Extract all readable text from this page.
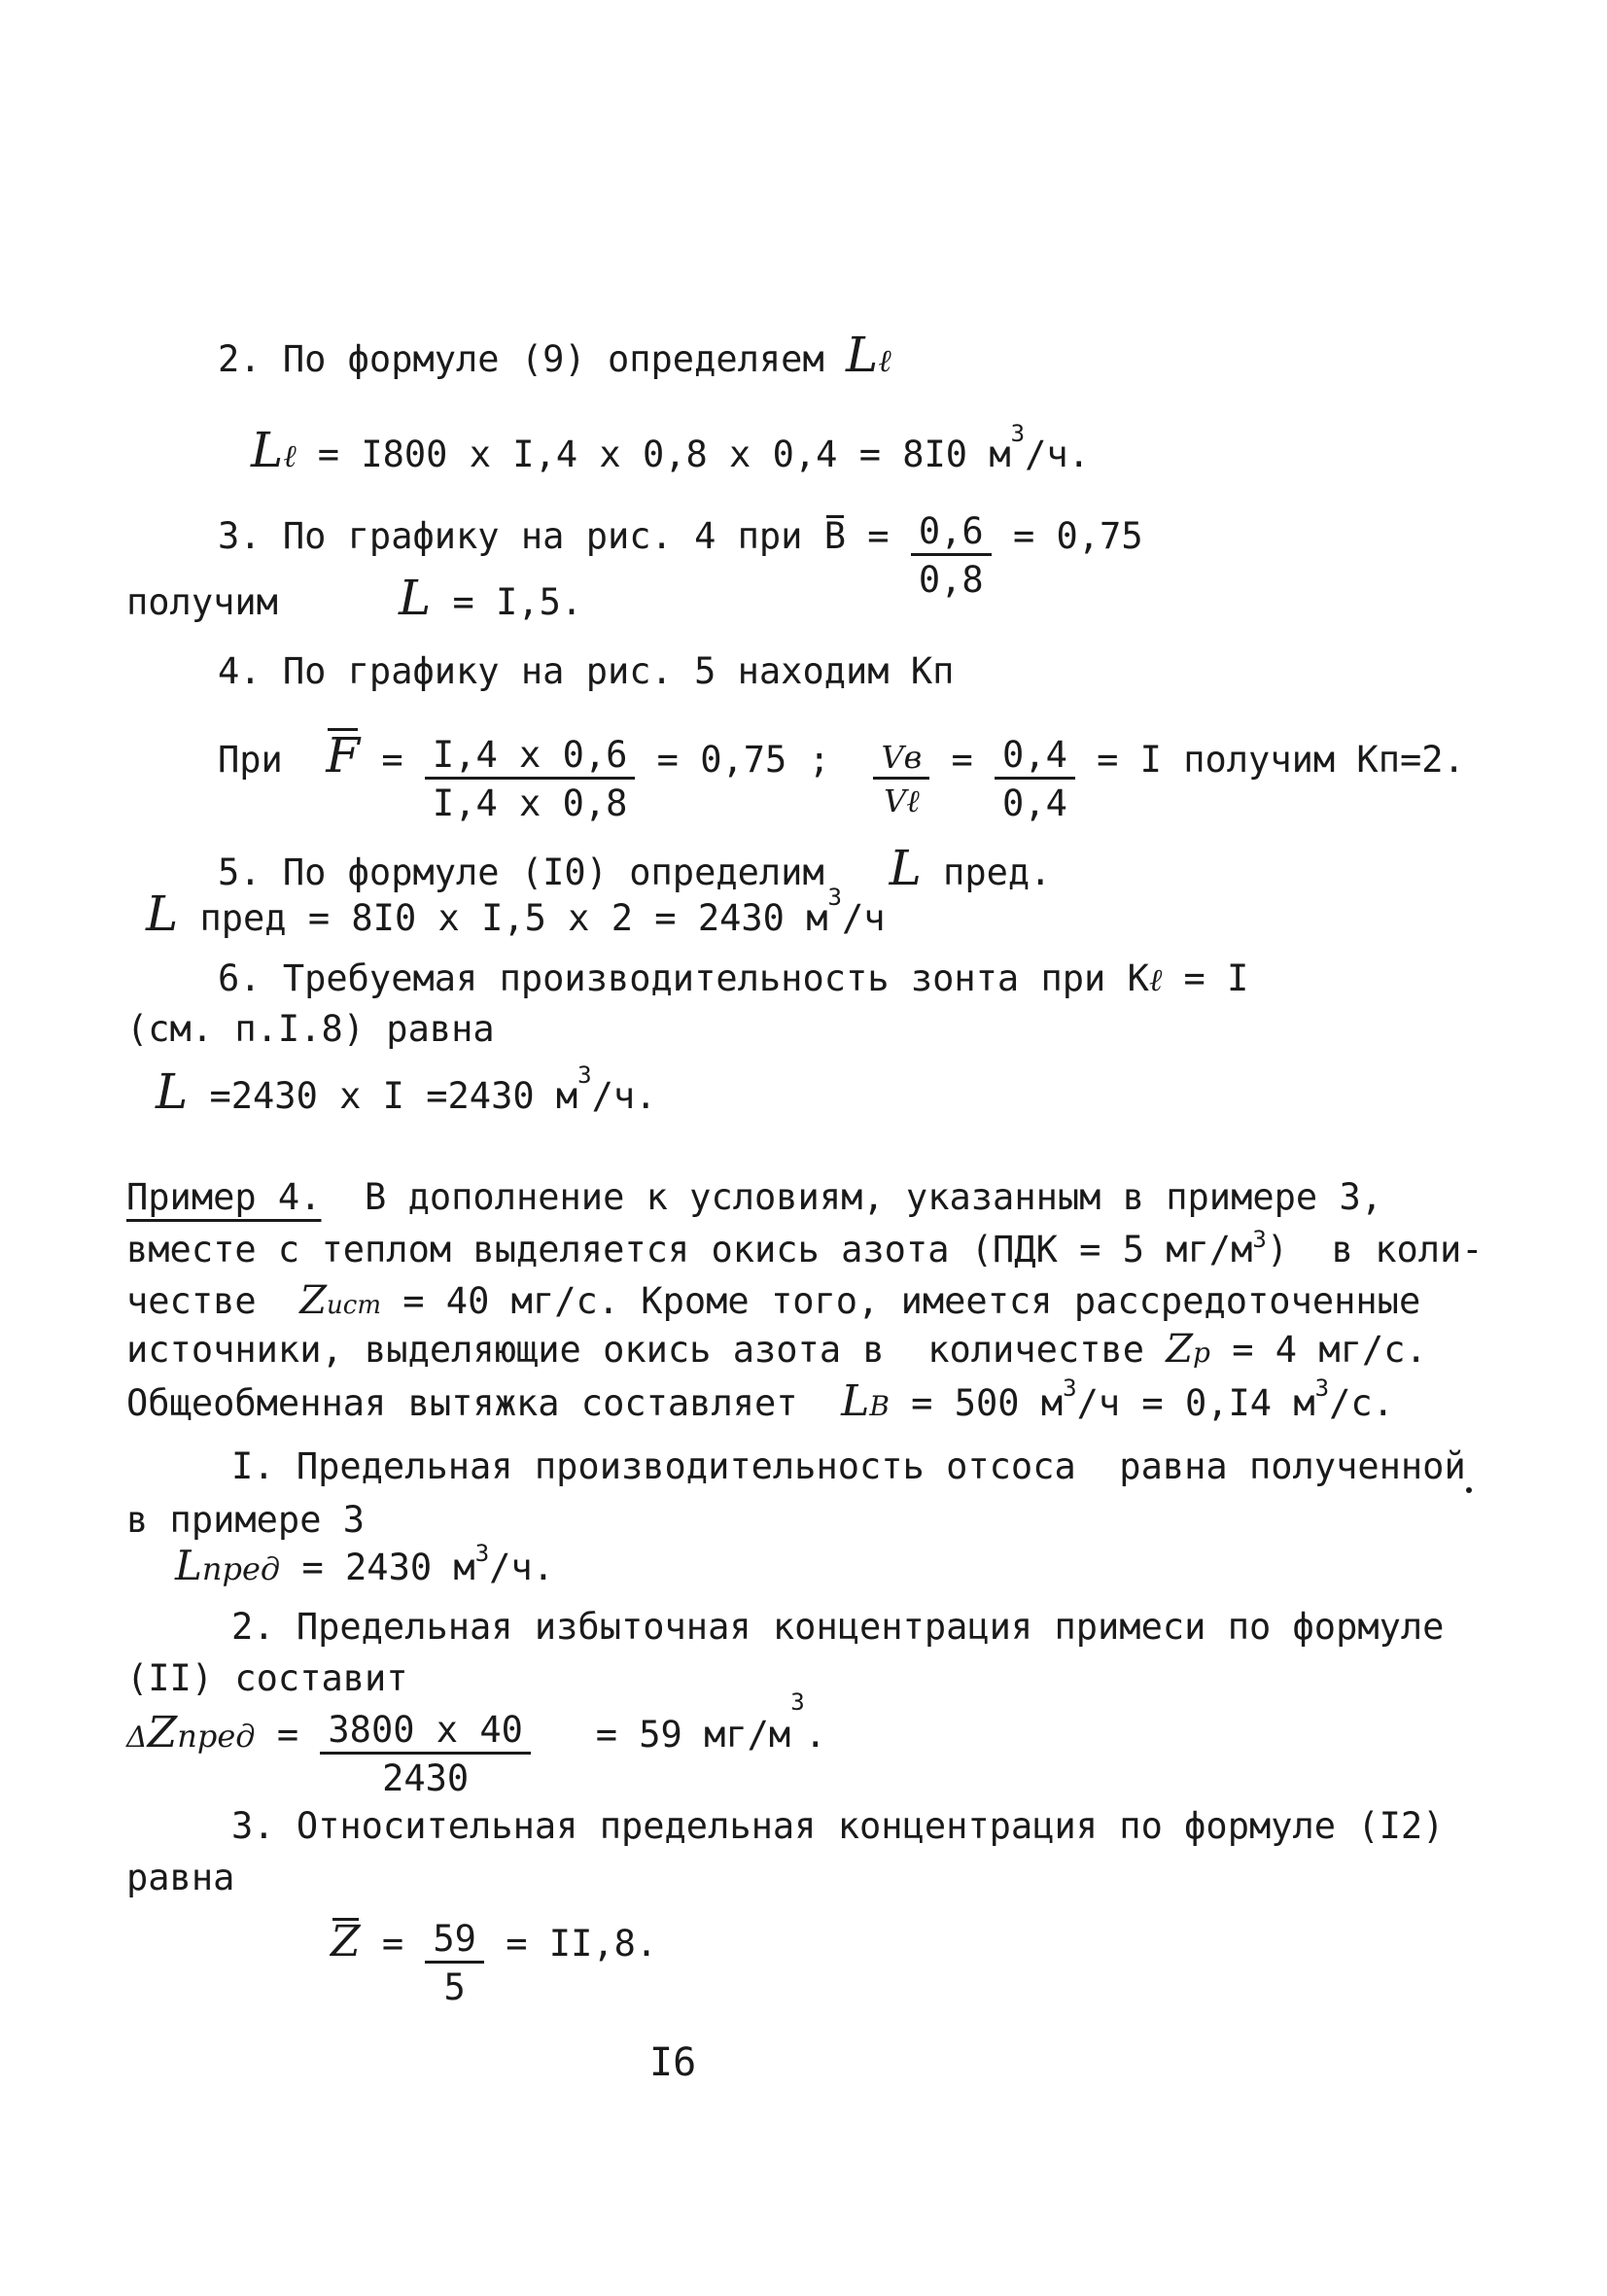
2. По формуле (9) определяем Lℓ
Lℓ = I800 x I,4 x 0,8 x 0,4 = 8I0 $м^3/ч$.
3. По графику на рис. 4 при $B = \frac{0,6}{0,8} = 0,75$
получим L = I,5.
4. По графику на рис. 5 находим Кп
При $F = \frac{I,4 x 0,6}{I,4 x 0,8} = 0,75$ ; $\frac{Vв}{\text{Vℓ}} = \frac{0,4}{0,4} = I$ получим Кп=2.
5. По формуле (I0) определим L пред.
L пред = 8I0 x I,5 x 2 = 2430 $м^3/ч$
6. Требуемая производительность зонта при Кℓ = I
(см. п.I.8) равна
L =2430 x I =2430 $м^3/ч$.
Пример 4.  В дополнение к условиям, указанным в примере 3,
вместе с теплом выделяется окись азота (ПДК = 5 $мг/м^3$)  в коли-
честве  Zист = 40 мг/с. Кроме того, имеется рассредоточенные
источники, выделяющие окись азота в  количестве Zp = 4 мг/с.
Общеобменная вытяжка составляет  LB = 500 $м^3/ч = 0,I4$ $м^3/с$.
I. Предельная производительность отсоса  равна полученной
в примере 3
Lпред = 2430 $м^3/ч$.
2. Предельная избыточная концентрация примеси по формуле
(II) составит
ΔZпред = $\frac{3800 x 40}{2430} = 59$ $мг/м^3$.
3. Относительная предельная концентрация по формуле (I2)
равна
$Z = \frac{59}{5} = II,8$.
I6
